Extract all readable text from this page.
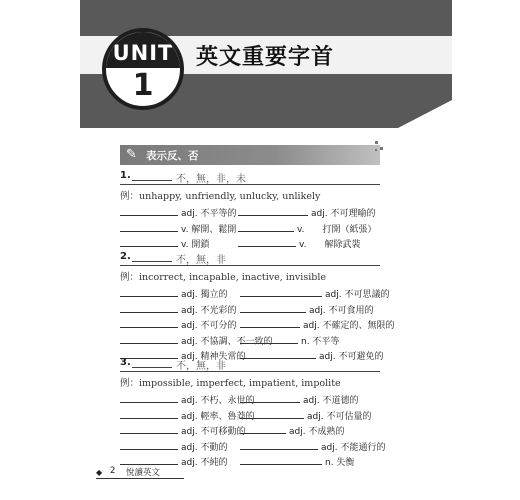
UNIT
1
英文重要字首
✎ 表示反、否
1.	不，無，非，未
例：unhappy, unfriendly, unlucky, unlikely
adj. 不平等的	adj. 不可理喻的
v. 解開、鬆開	v.　　打開（紙張）
v. 開鎖	v.　　解除武裝
2.	不，無，非
例：incorrect, incapable, inactive, invisible
adj. 獨立的	adj. 不可思議的
adj. 不光彩的	adj. 不可食用的
adj. 不可分的	adj. 不確定的、無限的
adj. 不協調、不一致的	n. 不平等
adj. 精神失常的	adj. 不可避免的
3.	不，無，非
例：impossible, imperfect, impatient, impolite
adj. 不朽、永世的	adj. 不道德的
adj. 輕率、魯莽的	adj. 不可估量的
adj. 不可移動的	adj. 不成熟的
adj. 不動的	adj. 不能通行的
adj. 不純的	n. 失衡
◆ 2 悅讀英文
